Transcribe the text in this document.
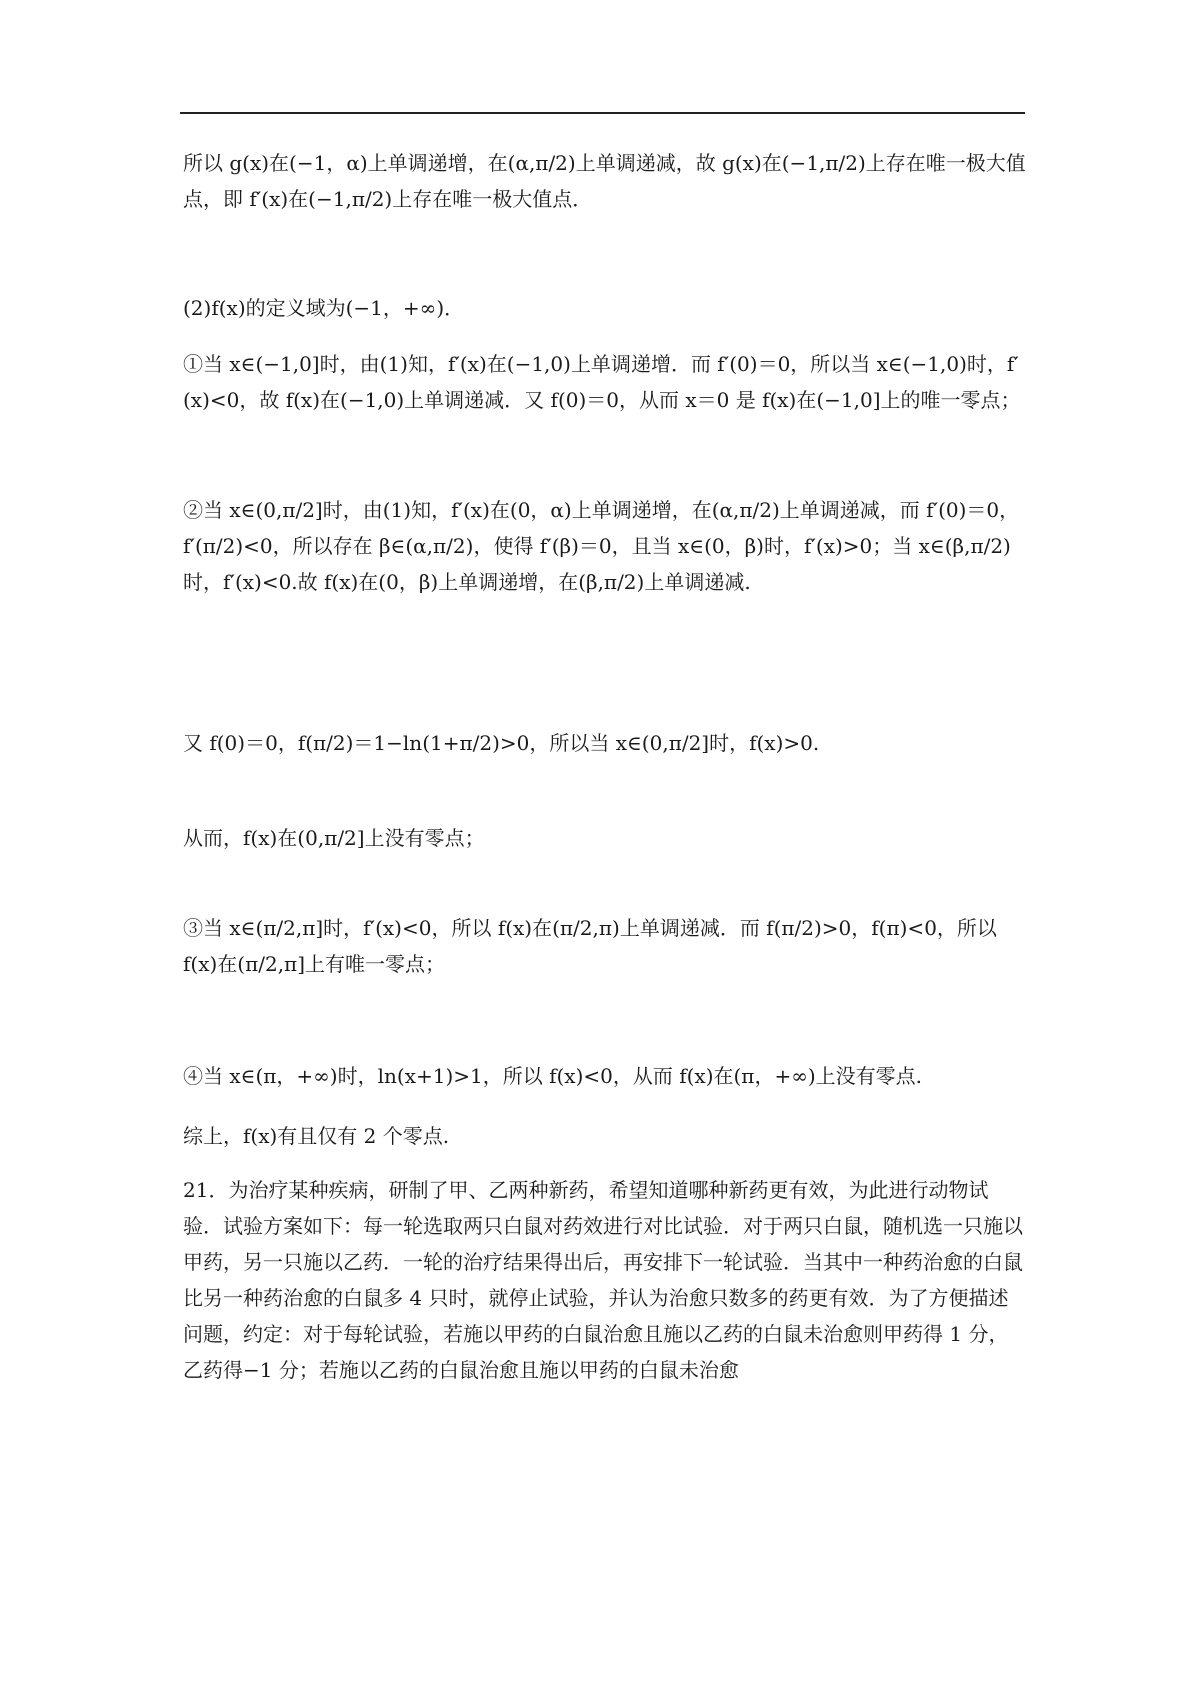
所以 g(x)在(−1，α)上单调递增，在(α,π/2)上单调递减，故 g(x)在(−1,π/2)上存在唯一极大值点，即 f′(x)在(−1,π/2)上存在唯一极大值点．
(2)f(x)的定义域为(−1，+∞)．
①当 x∈(−1,0]时，由(1)知，f′(x)在(−1,0)上单调递增．而 f′(0)＝0，所以当 x∈(−1,0)时，f′(x)<0，故 f(x)在(−1,0)上单调递减．又 f(0)＝0，从而 x＝0 是 f(x)在(−1,0]上的唯一零点；
②当 x∈(0,π/2]时，由(1)知，f′(x)在(0，α)上单调递增，在(α,π/2)上单调递减，而 f′(0)＝0，f′(π/2)<0，所以存在 β∈(α,π/2)，使得 f′(β)＝0，且当 x∈(0，β)时，f′(x)>0；当 x∈(β,π/2)时，f′(x)<0.故 f(x)在(0，β)上单调递增，在(β,π/2)上单调递减.
又 f(0)＝0，f(π/2)＝1−ln(1+π/2)>0，所以当 x∈(0,π/2]时，f(x)>0.
从而，f(x)在(0,π/2]上没有零点；
③当 x∈(π/2,π]时，f′(x)<0，所以 f(x)在(π/2,π)上单调递减．而 f(π/2)>0，f(π)<0，所以 f(x)在(π/2,π]上有唯一零点；
④当 x∈(π，+∞)时，ln(x+1)>1，所以 f(x)<0，从而 f(x)在(π，+∞)上没有零点.
综上，f(x)有且仅有 2 个零点.
21．为治疗某种疾病，研制了甲、乙两种新药，希望知道哪种新药更有效，为此进行动物试验．试验方案如下：每一轮选取两只白鼠对药效进行对比试验．对于两只白鼠，随机选一只施以甲药，另一只施以乙药．一轮的治疗结果得出后，再安排下一轮试验．当其中一种药治愈的白鼠比另一种药治愈的白鼠多 4 只时，就停止试验，并认为治愈只数多的药更有效．为了方便描述问题，约定：对于每轮试验，若施以甲药的白鼠治愈且施以乙药的白鼠未治愈则甲药得 1 分，乙药得−1 分；若施以乙药的白鼠治愈且施以甲药的白鼠未治愈
